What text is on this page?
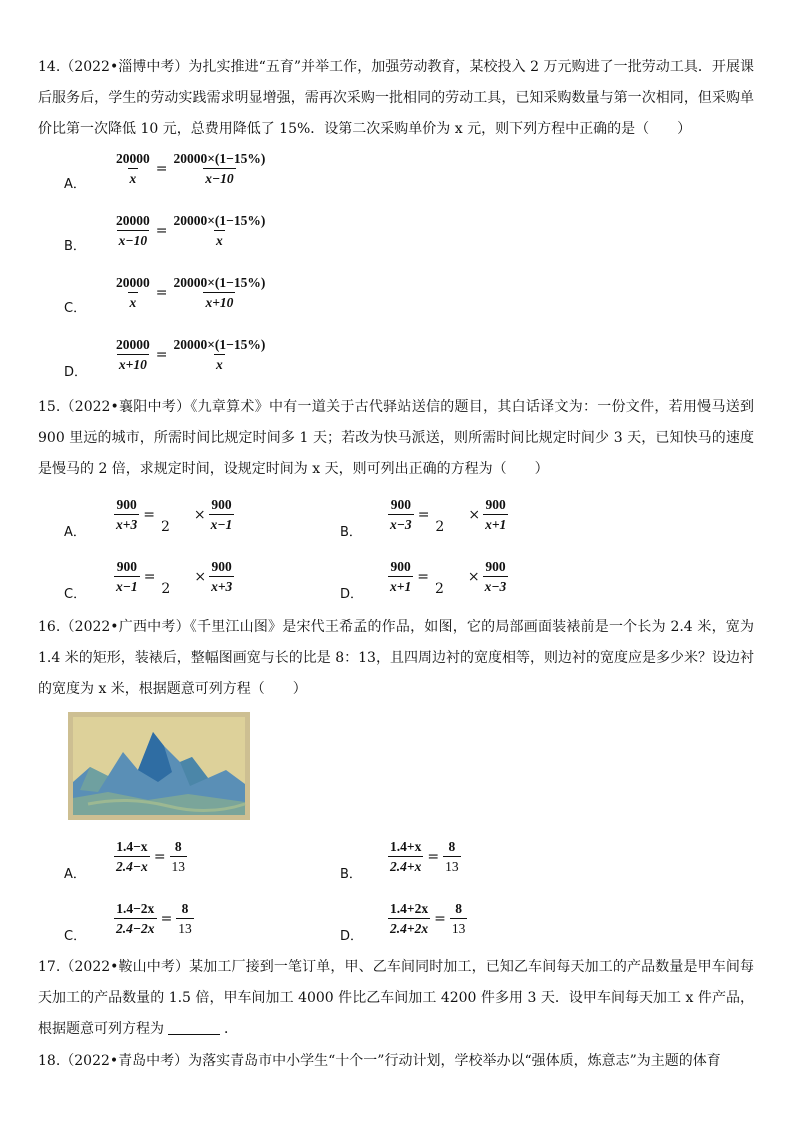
14.（2022•淄博中考）为扎实推进“五育”并举工作，加强劳动教育，某校投入 2 万元购进了一批劳动工具．开展课后服务后，学生的劳动实践需求明显增强，需再次采购一批相同的劳动工具，已知采购数量与第一次相同，但采购单价比第一次降低 10 元，总费用降低了 15%．设第二次采购单价为 x 元，则下列方程中正确的是（　　）

A． $\frac{20000}{x} = \frac{20000\times(1-15\%)}{x-10}$
B． $\frac{20000}{x-10} = \frac{20000\times(1-15\%)}{x}$
C． $\frac{20000}{x} = \frac{20000\times(1-15\%)}{x+10}$
D． $\frac{20000}{x+10} = \frac{20000\times(1-15\%)}{x}$

15.（2022•襄阳中考）《九章算术》中有一道关于古代驿站送信的题目，其白话译文为：一份文件，若用慢马送到 900 里远的城市，所需时间比规定时间多 1 天；若改为快马派送，则所需时间比规定时间少 3 天，已知快马的速度是慢马的 2 倍，求规定时间，设规定时间为 x 天，则可列出正确的方程为（　　）

A． $\frac{900}{x+3} =2\times \frac{900}{x-1}$	B． $\frac{900}{x-3} =2\times \frac{900}{x+1}$
C． $\frac{900}{x-1} =2\times \frac{900}{x+3}$	D． $\frac{900}{x+1} =2\times \frac{900}{x-3}$

16.（2022•广西中考）《千里江山图》是宋代王希孟的作品，如图，它的局部画面装裱前是一个长为 2.4 米，宽为 1.4 米的矩形，装裱后，整幅图画宽与长的比是 8：13，且四周边衬的宽度相等，则边衬的宽度应是多少米？设边衬的宽度为 x 米，根据题意可列方程（　　）

A． $\frac{1.4-x}{2.4-x} = \frac{8}{13}$	B． $\frac{1.4+x}{2.4+x} = \frac{8}{13}$
C． $\frac{1.4-2x}{2.4-2x} = \frac{8}{13}$	D． $\frac{1.4+2x}{2.4+2x} = \frac{8}{13}$

17.（2022•鞍山中考）某加工厂接到一笔订单，甲、乙车间同时加工，已知乙车间每天加工的产品数量是甲车间每天加工的产品数量的 1.5 倍，甲车间加工 4000 件比乙车间加工 4200 件多用 3 天．设甲车间每天加工 x 件产品，根据题意可列方程为	．

18.（2022•青岛中考）为落实青岛市中小学生“十个一”行动计划，学校举办以“强体质，炼意志”为主题的体育
